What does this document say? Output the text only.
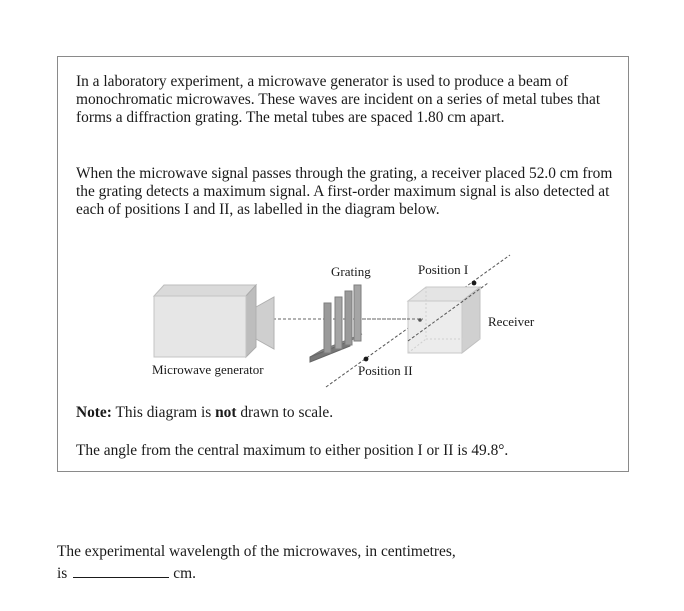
In a laboratory experiment, a microwave generator is used to produce a beam of monochromatic microwaves. These waves are incident on a series of metal tubes that forms a diffraction grating. The metal tubes are spaced 1.80 cm apart.

When the microwave signal passes through the grating, a receiver placed 52.0 cm from the grating detects a maximum signal. A first-order maximum signal is also detected at each of positions I and II, as labelled in the diagram below.

Grating	Position I
Receiver
Microwave generator	Position II

Note: This diagram is not drawn to scale.

The angle from the central maximum to either position I or II is 49.8°.

The experimental wavelength of the microwaves, in centimetres,
is	cm.
